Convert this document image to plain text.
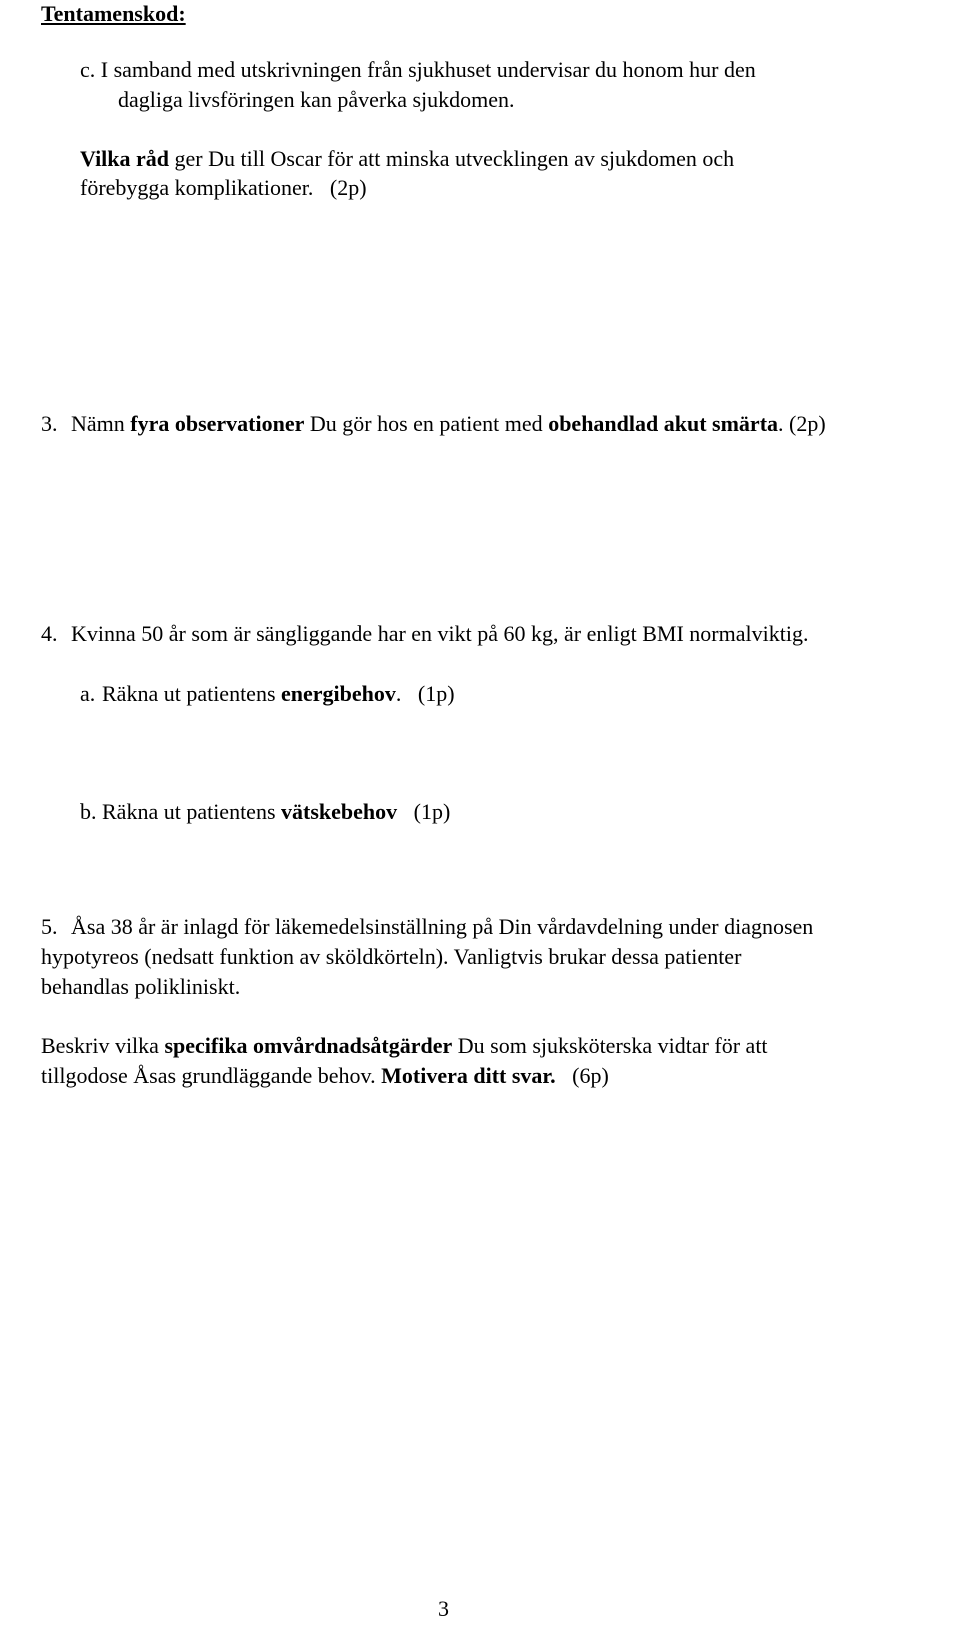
Tentamenskod:
c. I samband med utskrivningen från sjukhuset undervisar du honom hur den
dagliga livsföringen kan påverka sjukdomen.
Vilka råd ger Du till Oscar för att minska utvecklingen av sjukdomen och
förebygga komplikationer.   (2p)
3. Nämn fyra observationer Du gör hos en patient med obehandlad akut smärta. (2p)
4. Kvinna 50 år som är sängliggande har en vikt på 60 kg, är enligt BMI normalviktig.
a. Räkna ut patientens energibehov.   (1p)
b. Räkna ut patientens vätskebehov   (1p)
5. Åsa 38 år är inlagd för läkemedelsinställning på Din vårdavdelning under diagnosen
hypotyreos (nedsatt funktion av sköldkörteln). Vanligtvis brukar dessa patienter
behandlas polikliniskt.
Beskriv vilka specifika omvårdnadsåtgärder Du som sjuksköterska vidtar för att
tillgodose Åsas grundläggande behov. Motivera ditt svar.   (6p)
3
